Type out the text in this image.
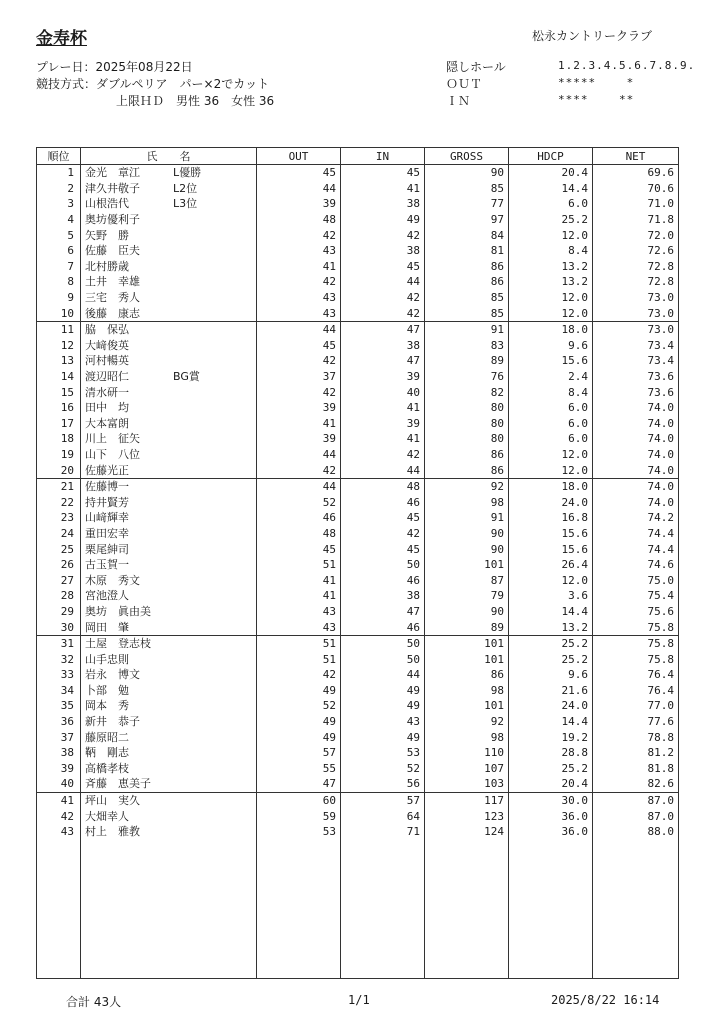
金寿杯	松永カントリークラブ
プレー日：2025年08月22日
競技方式：ダブルペリア　パー×2でカット
上限ＨＤ　男性 36　女性 36
隠しホール	1.2.3.4.5.6.7.8.9.
ＯＵＴ	*****    *
ＩＮ	****    **
順位	氏　　名	OUT	IN	GROSS	HDCP	NET
1	金光　章江 L優勝	45	45	90	20.4	69.6
2	津久井敬子 L2位	44	41	85	14.4	70.6
3	山根浩代 L3位	39	38	77	6.0	71.0
4	奥坊優利子	48	49	97	25.2	71.8
5	矢野　勝	42	42	84	12.0	72.0
6	佐藤　臣夫	43	38	81	8.4	72.6
7	北村勝歳	41	45	86	13.2	72.8
8	土井　幸雄	42	44	86	13.2	72.8
9	三宅　秀人	43	42	85	12.0	73.0
10	後藤　康志	43	42	85	12.0	73.0
11	脇　保弘	44	47	91	18.0	73.0
12	大﨑俊英	45	38	83	9.6	73.4
13	河村暢英	42	47	89	15.6	73.4
14	渡辺昭仁 BG賞	37	39	76	2.4	73.6
15	清水研一	42	40	82	8.4	73.6
16	田中　均	39	41	80	6.0	74.0
17	大本富朗	41	39	80	6.0	74.0
18	川上　征矢	39	41	80	6.0	74.0
19	山下　八位	44	42	86	12.0	74.0
20	佐藤光正	42	44	86	12.0	74.0
21	佐藤博一	44	48	92	18.0	74.0
22	持井賢芳	52	46	98	24.0	74.0
23	山﨑輝幸	46	45	91	16.8	74.2
24	重田宏幸	48	42	90	15.6	74.4
25	栗尾紳司	45	45	90	15.6	74.4
26	古玉賀一	51	50	101	26.4	74.6
27	木原　秀文	41	46	87	12.0	75.0
28	宮池澄人	41	38	79	3.6	75.4
29	奥坊　眞由美	43	47	90	14.4	75.6
30	岡田　肇	43	46	89	13.2	75.8
31	土屋　登志枝	51	50	101	25.2	75.8
32	山手忠則	51	50	101	25.2	75.8
33	岩永　博文	42	44	86	9.6	76.4
34	卜部　勉	49	49	98	21.6	76.4
35	岡本　秀	52	49	101	24.0	77.0
36	新井　恭子	49	43	92	14.4	77.6
37	藤原昭二	49	49	98	19.2	78.8
38	鞆　剛志	57	53	110	28.8	81.2
39	高橋孝枝	55	52	107	25.2	81.8
40	斉藤　恵美子	47	56	103	20.4	82.6
41	坪山　実久	60	57	117	30.0	87.0
42	大畑幸人	59	64	123	36.0	87.0
43	村上　雅教	53	71	124	36.0	88.0

合計 43人	1/1	2025/8/22 16:14
